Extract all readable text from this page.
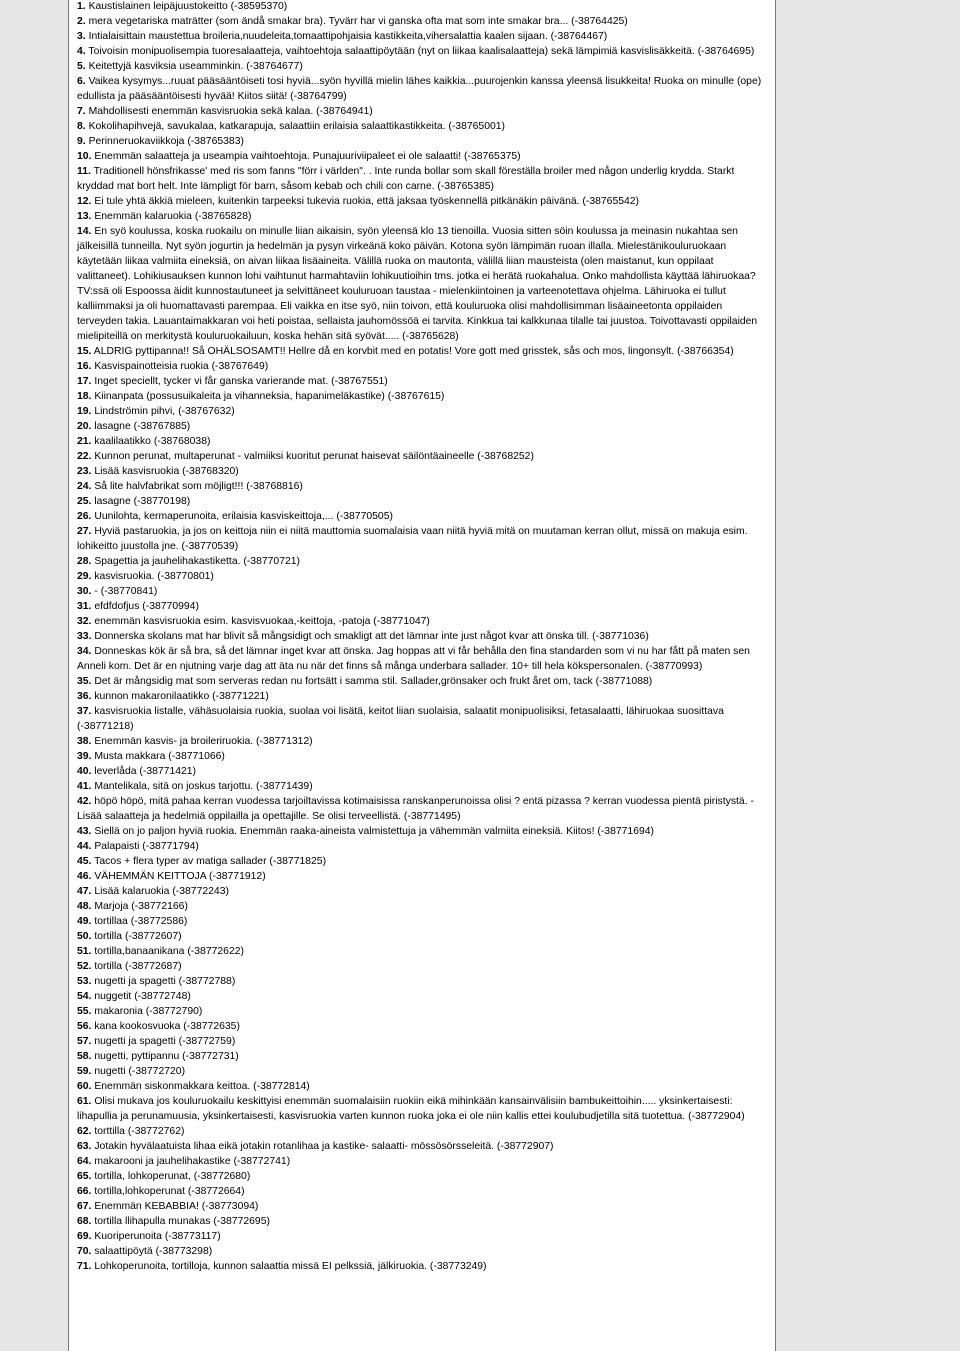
1. Kaustislainen leipäjuustokeitto (-38595370)
2. mera vegetariska maträtter (som ändå smakar bra). Tyvärr har vi ganska ofta mat som inte smakar bra... (-38764425)
3. Intialaisittain maustettua broileria,nuudeleita,tomaattipohjaisia kastikkeita,vihersalattia kaalen sijaan. (-38764467)
4. Toivoisin monipuolisempia tuoresalaatteja, vaihtoehtoja salaattipöytään (nyt on liikaa kaalisalaatteja) sekä lämpimiä kasvislisäkkeitä. (-38764695)
5. Keitettyjä kasviksia useamminkin. (-38764677)
6. Vaikea kysymys...ruuat pääsääntöiseti tosi hyviä...syön hyvillä mielin lähes kaikkia...puurojenkin kanssa yleensä lisukkeita! Ruoka on minulle (ope) edullista ja pääsääntöisesti hyvää! Kiitos siitä! (-38764799)
7. Mahdollisesti enemmän kasvisruokia sekä kalaa. (-38764941)
8. Kokolihapihvejä, savukalaa, katkarapuja, salaattiin erilaisia salaattikastikkeita. (-38765001)
9. Perinneruokaviikkoja (-38765383)
10. Enemmän salaatteja ja useampia vaihtoehtoja. Punajuuriviipaleet ei ole salaatti! (-38765375)
11. Traditionell hönsfrikasse' med ris som fanns "förr i världen". . Inte runda bollar som skall föreställa broiler med någon underlig krydda. Starkt kryddad mat bort helt. Inte lämpligt för barn, såsom kebab och chili con carne. (-38765385)
12. Ei tule yhtä äkkiä mieleen, kuitenkin tarpeeksi tukevia ruokia, että jaksaa työskennellä pitkänäkin päivänä. (-38765542)
13. Enemmän kalaruokia (-38765828)
14. En syö koulussa, koska ruokailu on minulle liian aikaisin, syön yleensä klo 13 tienoilla. Vuosia sitten söin koulussa ja meinasin nukahtaa sen jälkeisillä tunneilla. Nyt syön jogurtin ja hedelmän ja pysyn virkeänä koko päivän. Kotona syön lämpimän ruoan illalla. Mielestänikouluruokaan käytetään liikaa valmiita eineksiä, on aivan liikaa lisäaineita. Välillä ruoka on mautonta, välillä liian mausteista (olen maistanut, kun oppilaat valittaneet). Lohikiusauksen kunnon lohi vaihtunut harmahtaviin lohikuutioihin tms. jotka ei herätä ruokahalua. Onko mahdollista käyttää lähiruokaa? TV:ssä oli Espoossa äidit kunnostautuneet ja selvittäneet kouluruoan taustaa - mielenkiintoinen ja varteenotettava ohjelma. Lähiruoka ei tullut kalliimmaksi ja oli huomattavasti parempaa. Eli vaikka en itse syö, niin toivon, että kouluruoka olisi mahdollisimman lisäaineetonta oppilaiden terveyden takia. Lauantaimakkaran voi heti poistaa, sellaista jauhomössöä ei tarvita. Kinkkua tai kalkkunaa tilalle tai juustoa. Toivottavasti oppilaiden mielipiteillä on merkitystä kouluruokailuun, koska hehän sitä syövät..... (-38765628)
15. ALDRIG pyttipanna!! Så OHÄLSOSAMT!! Hellre då en korvbit med en potatis! Vore gott med grisstek, sås och mos, lingonsylt. (-38766354)
16. Kasvispainotteisia ruokia (-38767649)
17. Inget speciellt, tycker vi får ganska varierande mat. (-38767551)
18. Kiinanpata (possusuikaleita ja vihanneksia, hapanimeläkastike) (-38767615)
19. Lindströmin pihvi, (-38767632)
20. lasagne (-38767885)
21. kaalilaatikko (-38768038)
22. Kunnon perunat, multaperunat - valmiiksi kuoritut perunat haisevat säilöntäaineelle (-38768252)
23. Lisää kasvisruokia (-38768320)
24. Så lite halvfabrikat som möjligt!!! (-38768816)
25. lasagne (-38770198)
26. Uunilohta, kermaperunoita, erilaisia kasviskeittoja,... (-38770505)
27. Hyviä pastaruokia, ja jos on keittoja niin ei niitä mauttomia suomalaisia vaan niitä hyviä mitä on muutaman kerran ollut, missä on makuja esim. lohikeitto juustolla jne. (-38770539)
28. Spagettia ja jauhelihakastiketta. (-38770721)
29. kasvisruokia. (-38770801)
30. - (-38770841)
31. efdfdofjus (-38770994)
32. enemmän kasvisruokia esim. kasvisvuokaa,-keittoja, -patoja (-38771047)
33. Donnerska skolans mat har blivit så mångsidigt och smakligt att det lämnar inte just något kvar att önska till. (-38771036)
34. Donneskas kök är så bra, så det lämnar inget kvar att önska. Jag hoppas att vi får behålla den fina standarden som vi nu har fått på maten sen Anneli kom. Det är en njutning varje dag att äta nu när det finns så många underbara sallader. 10+ till hela kökspersonalen. (-38770993)
35. Det är mångsidig mat som serveras redan nu fortsätt i samma stil. Sallader,grönsaker och frukt året om, tack (-38771088)
36. kunnon makaronilaatikko (-38771221)
37. kasvisruokia listalle, vähäsuolaisia ruokia, suolaa voi lisätä, keitot liian suolaisia, salaatit monipuolisiksi, fetasalaatti, lähiruokaa suosittava (-38771218)
38. Enemmän kasvis- ja broileriruokia. (-38771312)
39. Musta makkara (-38771066)
40. leverlåda (-38771421)
41. Mantelikala, sitä on joskus tarjottu. (-38771439)
42. höpö höpö, mitä pahaa kerran vuodessa tarjoiltavissa kotimaisissa ranskanperunoissa olisi ? entä pizassa ? kerran vuodessa pientä piristystä. - Lisää salaatteja ja hedelmiä oppilailla ja opettajille. Se olisi terveellistä. (-38771495)
43. Siellä on jo paljon hyviä ruokia. Enemmän raaka-aineista valmistettuja ja vähemmän valmiita eineksiä. Kiitos! (-38771694)
44. Palapaisti (-38771794)
45. Tacos + flera typer av matiga sallader (-38771825)
46. VÄHEMMÄN KEITTOJA (-38771912)
47. Lisää kalaruokia (-38772243)
48. Marjoja (-38772166)
49. tortillaa (-38772586)
50. tortilla (-38772607)
51. tortilla,banaanikana (-38772622)
52. tortilla (-38772687)
53. nugetti ja spagetti (-38772788)
54. nuggetit (-38772748)
55. makaronia (-38772790)
56. kana kookosvuoka (-38772635)
57. nugetti ja spagetti (-38772759)
58. nugetti, pyttipannu (-38772731)
59. nugetti (-38772720)
60. Enemmän siskonmakkara keittoa. (-38772814)
61. Olisi mukava jos kouluruokailu keskittyisi enemmän suomalaisiin ruokiin eikä mihinkään kansainvälisiin bambukeittoihin..... yksinkertaisesti: lihapullia ja perunamuusia, yksinkertaisesti, kasvisruokia varten kunnon ruoka joka ei ole niin kallis ettei koulubudjetilla sitä tuotettua. (-38772904)
62. torttilla (-38772762)
63. Jotakin hyvälaatuista lihaa eikä jotakin rotanlihaa ja kastike- salaatti- mössösörsseleitä. (-38772907)
64. makarooni ja jauhelihakastike (-38772741)
65. tortilla, lohkoperunat, (-38772680)
66. tortilla,lohkoperunat (-38772664)
67. Enemmän KEBABBIA! (-38773094)
68. tortilla llihapulla munakas (-38772695)
69. Kuoriperunoita (-38773117)
70. salaattipöytä (-38773298)
71. Lohkoperunoita, tortilloja, kunnon salaattia missä EI pelkssiä, jälkiruokia. (-38773249)
